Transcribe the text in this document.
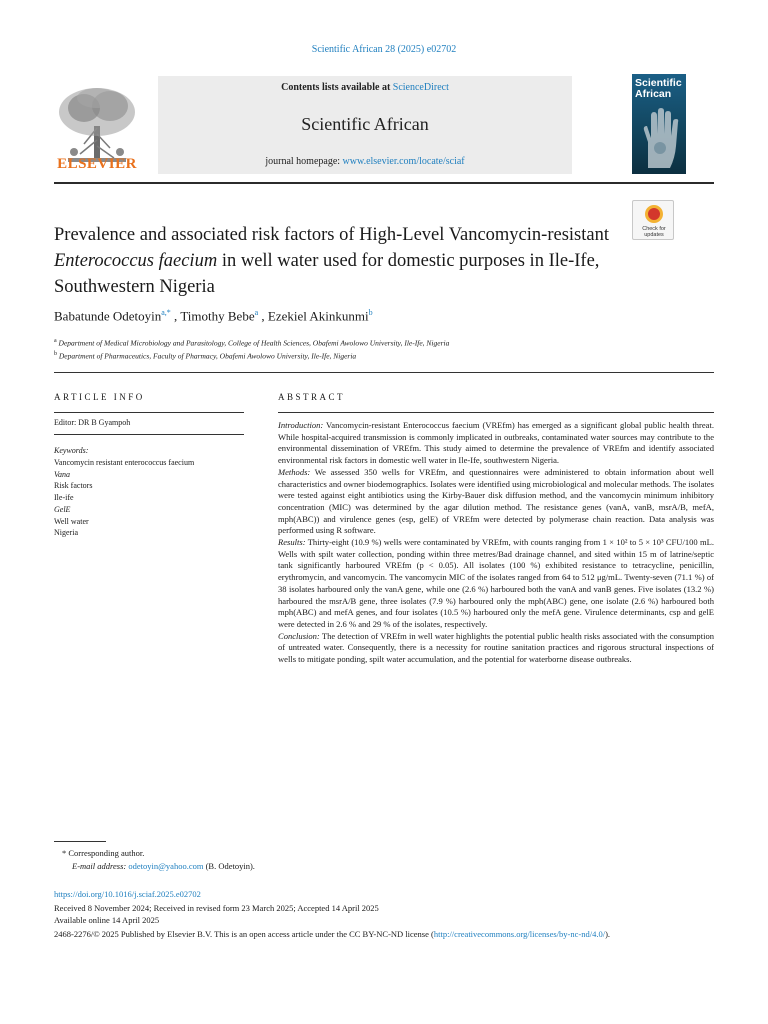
Scientific African 28 (2025) e02702
ELSEVIER
Contents lists available at ScienceDirect
Scientific African
journal homepage: www.elsevier.com/locate/sciaf
Scientific African
Prevalence and associated risk factors of High-Level Vancomycin-resistant Enterococcus faecium in well water used for domestic purposes in Ile-Ife, Southwestern Nigeria
Check for updates
Babatunde Odetoyin$^{a,*}$ , Timothy Bebe$^a$ , Ezekiel Akinkunmi$^b$
$^a$ Department of Medical Microbiology and Parasitology, College of Health Sciences, Obafemi Awolowo University, Ile-Ife, Nigeria
$^b$ Department of Pharmaceutics, Faculty of Pharmacy, Obafemi Awolowo University, Ile-Ife, Nigeria
ARTICLE INFO
Editor: DR B Gyampoh
Keywords:
Vancomycin resistant enterococcus faecium
Vana
Risk factors
Ile-ife
GelE
Well water
Nigeria
ABSTRACT

Introduction: Vancomycin-resistant Enterococcus faecium (VREfm) has emerged as a significant global public health threat. While hospital-acquired transmission is commonly implicated in outbreaks, contaminated water sources may contribute to the environmental dissemination of VREfm. This study aimed to determine the prevalence of VREfm and identify associated environmental risk factors in domestic well water in Ile-Ife, southwestern Nigeria.

Methods: We assessed 350 wells for VREfm, and questionnaires were administered to obtain information about well characteristics and owner biodemographics. Isolates were identified using microbiological and molecular methods. The isolates were tested against eight antibiotics using the Kirby-Bauer disk diffusion method, and the vancomycin minimum inhibitory concentration (MIC) was determined by the agar dilution method. The resistance genes (vanA, vanB, msrA/B, mefA, mph(ABC)) and virulence genes (esp, gelE) of VREfm were detected by polymerase chain reaction. Data analysis was performed using R software.

Results: Thirty-eight (10.9 %) wells were contaminated by VREfm, with counts ranging from 1 × 10² to 5 × 10³ CFU/100 mL. Wells with spilt water collection, ponding within three metres/Bad drainage channel, and sited within 15 m of latrine/septic tank significantly harboured VREfm (p < 0.05). All isolates (100 %) exhibited resistance to tetracycline, penicillin, erythromycin, and vancomycin. The vancomycin MIC of the isolates ranged from 64 to 512 μg/mL. Twenty-seven (71.1 %) of 38 isolates harboured only the vanA gene, while one (2.6 %) harboured both the vanA and vanB genes. Five isolates (13.2 %) harboured the msrA/B gene, three isolates (7.9 %) harboured only the mph(ABC) gene, one isolate (2.6 %) harboured both mph(ABC) and mefA genes, and four isolates (10.5 %) harboured only the mefA gene. Virulence determinants, csp and gelE were detected in 2.6 % and 29 % of the isolates, respectively.

Conclusion: The detection of VREfm in well water highlights the potential public health risks associated with the consumption of untreated water. Consequently, there is a necessity for routine sanitation practices and rigorous structural inspections of wells to mitigate ponding, spilt water accumulation, and the potential for waterborne disease outbreaks.

* Corresponding author.
E-mail address: odetoyin@yahoo.com (B. Odetoyin).
https://doi.org/10.1016/j.sciaf.2025.e02702
Received 8 November 2024; Received in revised form 23 March 2025; Accepted 14 April 2025
Available online 14 April 2025
2468-2276/© 2025 Published by Elsevier B.V. This is an open access article under the CC BY-NC-ND license (http://creativecommons.org/licenses/by-nc-nd/4.0/).
